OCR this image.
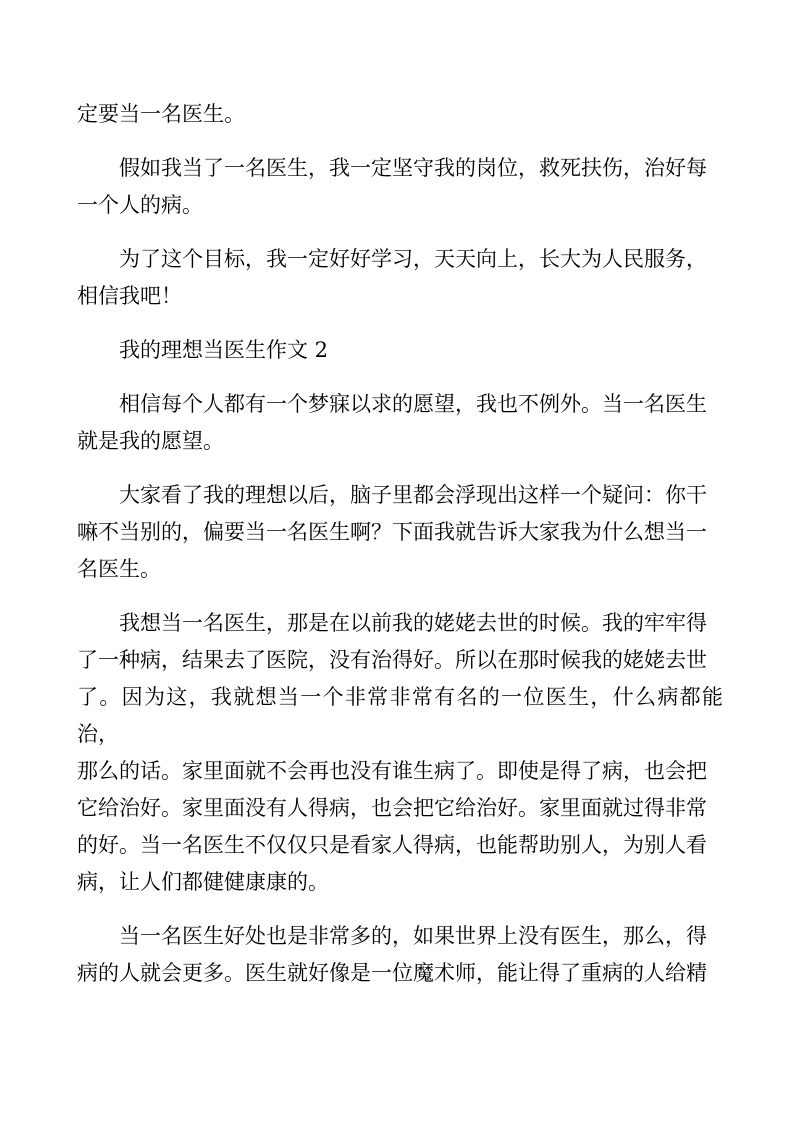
定要当一名医生。

假如我当了一名医生，我一定坚守我的岗位，救死扶伤，治好每
一个人的病。

为了这个目标，我一定好好学习，天天向上，长大为人民服务，
相信我吧！

我的理想当医生作文 2

相信每个人都有一个梦寐以求的愿望，我也不例外。当一名医生
就是我的愿望。

大家看了我的理想以后，脑子里都会浮现出这样一个疑问：你干
嘛不当别的，偏要当一名医生啊？下面我就告诉大家我为什么想当一
名医生。

我想当一名医生，那是在以前我的姥姥去世的时候。我的牢牢得
了一种病，结果去了医院，没有治得好。所以在那时候我的姥姥去世
了。因为这，我就想当一个非常非常有名的一位医生，什么病都能治，
那么的话。家里面就不会再也没有谁生病了。即使是得了病，也会把
它给治好。家里面没有人得病，也会把它给治好。家里面就过得非常
的好。当一名医生不仅仅只是看家人得病，也能帮助别人，为别人看
病，让人们都健健康康的。

当一名医生好处也是非常多的，如果世界上没有医生，那么，得
病的人就会更多。医生就好像是一位魔术师，能让得了重病的人给精
